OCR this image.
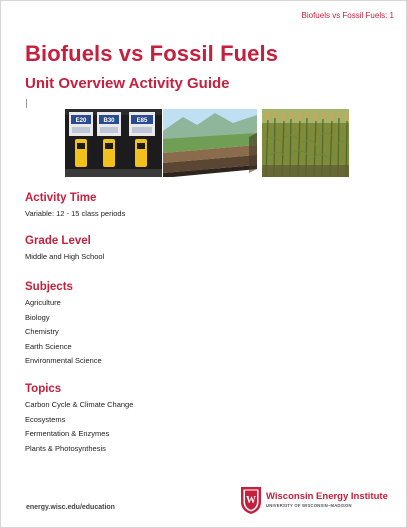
Biofuels vs Fossil Fuels: 1
Biofuels vs Fossil Fuels
Unit Overview Activity Guide
E20	B30	E85
Activity Time

Variable: 12 - 15 class periods

Grade Level

Middle and High School

Subjects
Agriculture
Biology
Chemistry
Earth Science
Environmental Science
Topics
Carbon Cycle & Climate Change
Ecosystems
Fermentation & Enzymes
Plants & Photosynthesis
energy.wisc.edu/education
W Wisconsin Energy Institute
UNIVERSITY OF WISCONSIN–MADISON
